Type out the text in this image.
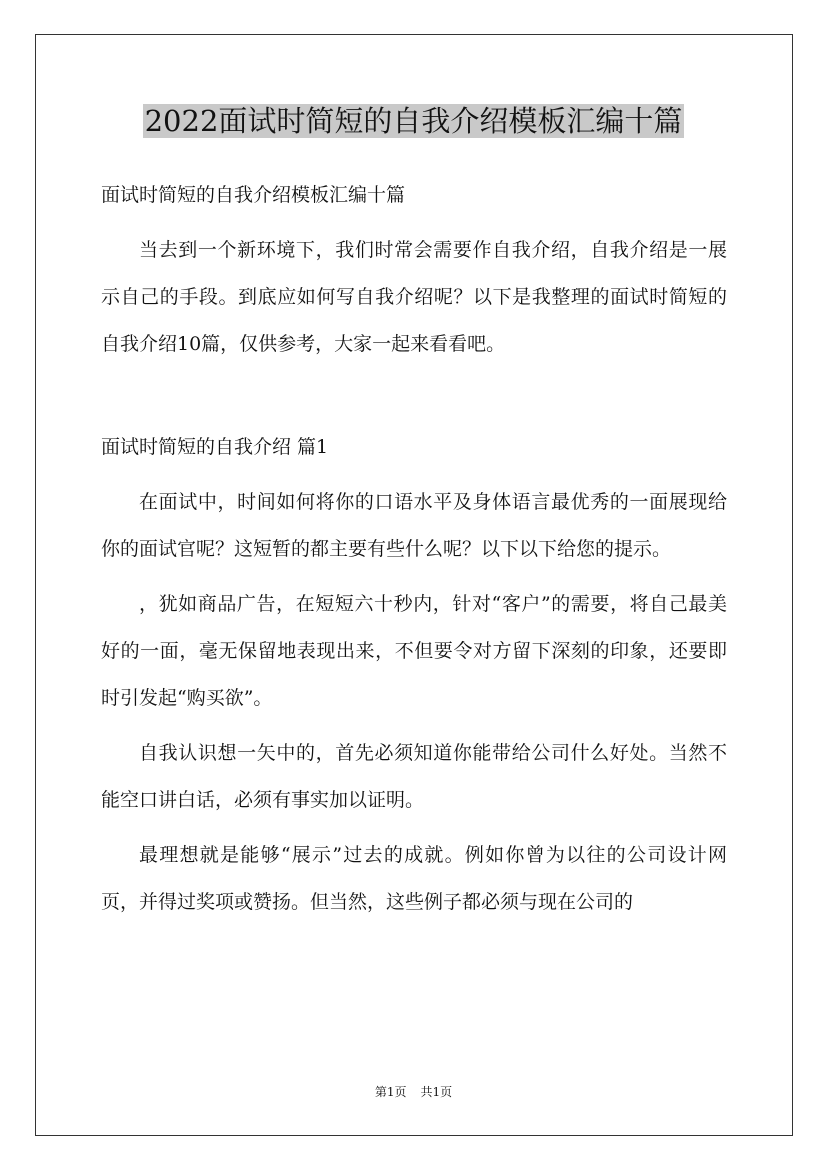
2022面试时简短的自我介绍模板汇编十篇

面试时简短的自我介绍模板汇编十篇

当去到一个新环境下，我们时常会需要作自我介绍，自我介绍是一展示自己的手段。到底应如何写自我介绍呢？以下是我整理的面试时简短的自我介绍10篇，仅供参考，大家一起来看看吧。

面试时简短的自我介绍 篇1

在面试中，时间如何将你的口语水平及身体语言最优秀的一面展现给你的面试官呢？这短暂的都主要有些什么呢？以下以下给您的提示。

，犹如商品广告，在短短六十秒内，针对“客户”的需要，将自己最美好的一面，毫无保留地表现出来，不但要令对方留下深刻的印象，还要即时引发起“购买欲”。

自我认识想一矢中的，首先必须知道你能带给公司什么好处。当然不能空口讲白话，必须有事实加以证明。

最理想就是能够“展示”过去的成就。例如你曾为以往的公司设计网页，并得过奖项或赞扬。但当然，这些例子都必须与现在公司的

第1页 共1页
